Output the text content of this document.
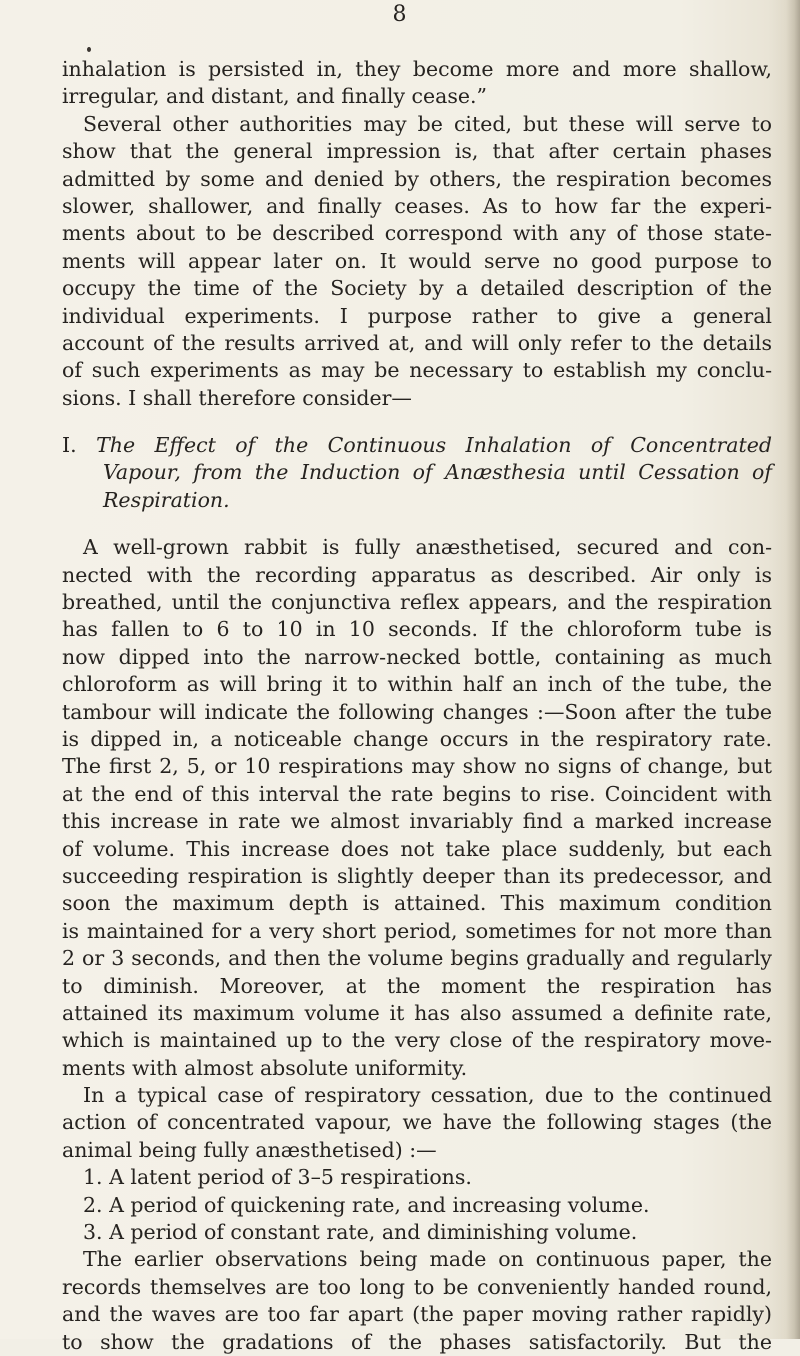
8
inhalation is persisted in, they become more and more shallow,
irregular, and distant, and finally cease.”
Several other authorities may be cited, but these will serve to
show that the general impression is, that after certain phases
admitted by some and denied by others, the respiration becomes
slower, shallower, and finally ceases. As to how far the experi-
ments about to be described correspond with any of those state-
ments will appear later on. It would serve no good purpose to
occupy the time of the Society by a detailed description of the
individual experiments. I purpose rather to give a general
account of the results arrived at, and will only refer to the details
of such experiments as may be necessary to establish my conclu-
sions. I shall therefore consider—
I. The Effect of the Continuous Inhalation of Concentrated
Vapour, from the Induction of Anæsthesia until Cessation of
Respiration.
A well-grown rabbit is fully anæsthetised, secured and con-
nected with the recording apparatus as described. Air only is
breathed, until the conjunctiva reflex appears, and the respiration
has fallen to 6 to 10 in 10 seconds. If the chloroform tube is
now dipped into the narrow-necked bottle, containing as much
chloroform as will bring it to within half an inch of the tube, the
tambour will indicate the following changes :—Soon after the tube
is dipped in, a noticeable change occurs in the respiratory rate.
The first 2, 5, or 10 respirations may show no signs of change, but
at the end of this interval the rate begins to rise. Coincident with
this increase in rate we almost invariably find a marked increase
of volume. This increase does not take place suddenly, but each
succeeding respiration is slightly deeper than its predecessor, and
soon the maximum depth is attained. This maximum condition
is maintained for a very short period, sometimes for not more than
2 or 3 seconds, and then the volume begins gradually and regularly
to diminish. Moreover, at the moment the respiration has
attained its maximum volume it has also assumed a definite rate,
which is maintained up to the very close of the respiratory move-
ments with almost absolute uniformity.
In a typical case of respiratory cessation, due to the continued
action of concentrated vapour, we have the following stages (the
animal being fully anæsthetised) :—
1. A latent period of 3–5 respirations.
2. A period of quickening rate, and increasing volume.
3. A period of constant rate, and diminishing volume.
The earlier observations being made on continuous paper, the
records themselves are too long to be conveniently handed round,
and the waves are too far apart (the paper moving rather rapidly)
to show the gradations of the phases satisfactorily. But the
